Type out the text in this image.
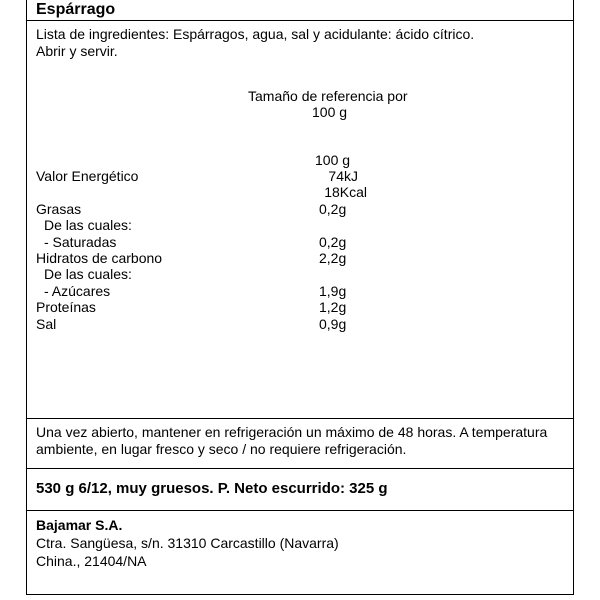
Espárrago
Lista de ingredientes: Espárragos, agua, sal y acidulante: ácido cítrico.
Abrir y servir.
Tamaño de referencia por
100 g
100 g
Valor Energético	74kJ
18Kcal
Grasas	0,2g
De las cuales:
- Saturadas	0,2g
Hidratos de carbono	2,2g
De las cuales:
- Azúcares	1,9g
Proteínas	1,2g
Sal	0,9g
Una vez abierto, mantener en refrigeración un máximo de 48 horas. A temperatura
ambiente, en lugar fresco y seco / no requiere refrigeración.
530 g 6/12, muy gruesos. P. Neto escurrido: 325 g
Bajamar S.A.
Ctra. Sangüesa, s/n. 31310 Carcastillo (Navarra)
China., 21404/NA
